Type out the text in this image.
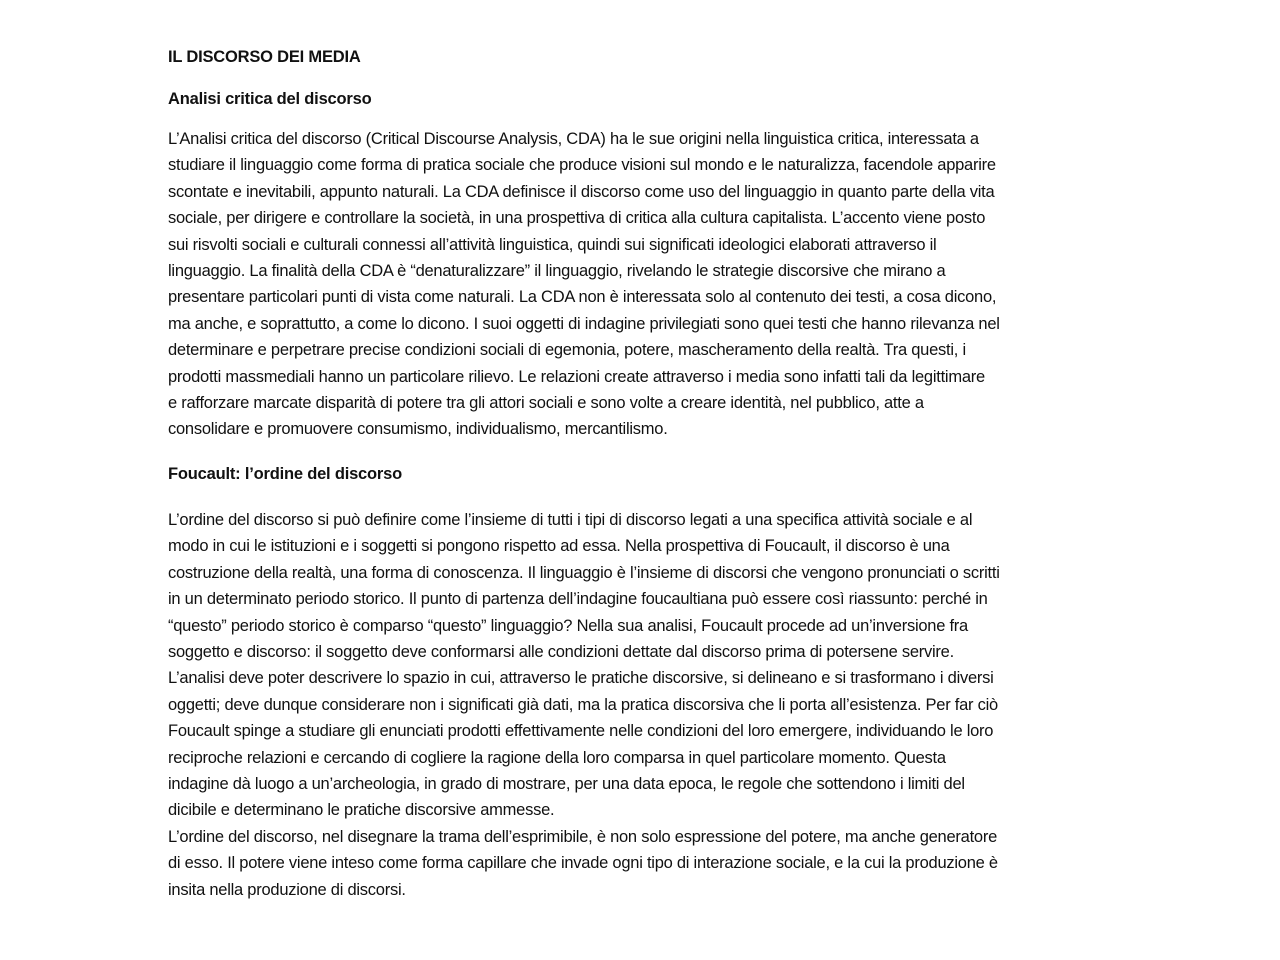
IL DISCORSO DEI MEDIA
Analisi critica del discorso

L’Analisi critica del discorso (Critical Discourse Analysis, CDA) ha le sue origini nella linguistica critica, interessata a
studiare il linguaggio come forma di pratica sociale che produce visioni sul mondo e le naturalizza, facendole apparire
scontate e inevitabili, appunto naturali. La CDA definisce il discorso come uso del linguaggio in quanto parte della vita
sociale, per dirigere e controllare la società, in una prospettiva di critica alla cultura capitalista. L’accento viene posto
sui risvolti sociali e culturali connessi all’attività linguistica, quindi sui significati ideologici elaborati attraverso il
linguaggio. La finalità della CDA è “denaturalizzare” il linguaggio, rivelando le strategie discorsive che mirano a
presentare particolari punti di vista come naturali. La CDA non è interessata solo al contenuto dei testi, a cosa dicono,
ma anche, e soprattutto, a come lo dicono. I suoi oggetti di indagine privilegiati sono quei testi che hanno rilevanza nel
determinare e perpetrare precise condizioni sociali di egemonia, potere, mascheramento della realtà. Tra questi, i
prodotti massmediali hanno un particolare rilievo. Le relazioni create attraverso i media sono infatti tali da legittimare
e rafforzare marcate disparità di potere tra gli attori sociali e sono volte a creare identità, nel pubblico, atte a
consolidare e promuovere consumismo, individualismo, mercantilismo.

Foucault: l’ordine del discorso

L’ordine del discorso si può definire come l’insieme di tutti i tipi di discorso legati a una specifica attività sociale e al
modo in cui le istituzioni e i soggetti si pongono rispetto ad essa. Nella prospettiva di Foucault, il discorso è una
costruzione della realtà, una forma di conoscenza. Il linguaggio è l’insieme di discorsi che vengono pronunciati o scritti
in un determinato periodo storico. Il punto di partenza dell’indagine foucaultiana può essere così riassunto: perché in
“questo” periodo storico è comparso “questo” linguaggio? Nella sua analisi, Foucault procede ad un’inversione fra
soggetto e discorso: il soggetto deve conformarsi alle condizioni dettate dal discorso prima di potersene servire.
L’analisi deve poter descrivere lo spazio in cui, attraverso le pratiche discorsive, si delineano e si trasformano i diversi
oggetti; deve dunque considerare non i significati già dati, ma la pratica discorsiva che li porta all’esistenza. Per far ciò
Foucault spinge a studiare gli enunciati prodotti effettivamente nelle condizioni del loro emergere, individuando le loro
reciproche relazioni e cercando di cogliere la ragione della loro comparsa in quel particolare momento. Questa
indagine dà luogo a un’archeologia, in grado di mostrare, per una data epoca, le regole che sottendono i limiti del
dicibile e determinano le pratiche discorsive ammesse.

L’ordine del discorso, nel disegnare la trama dell’esprimibile, è non solo espressione del potere, ma anche generatore
di esso. Il potere viene inteso come forma capillare che invade ogni tipo di interazione sociale, e la cui la produzione è
insita nella produzione di discorsi.
